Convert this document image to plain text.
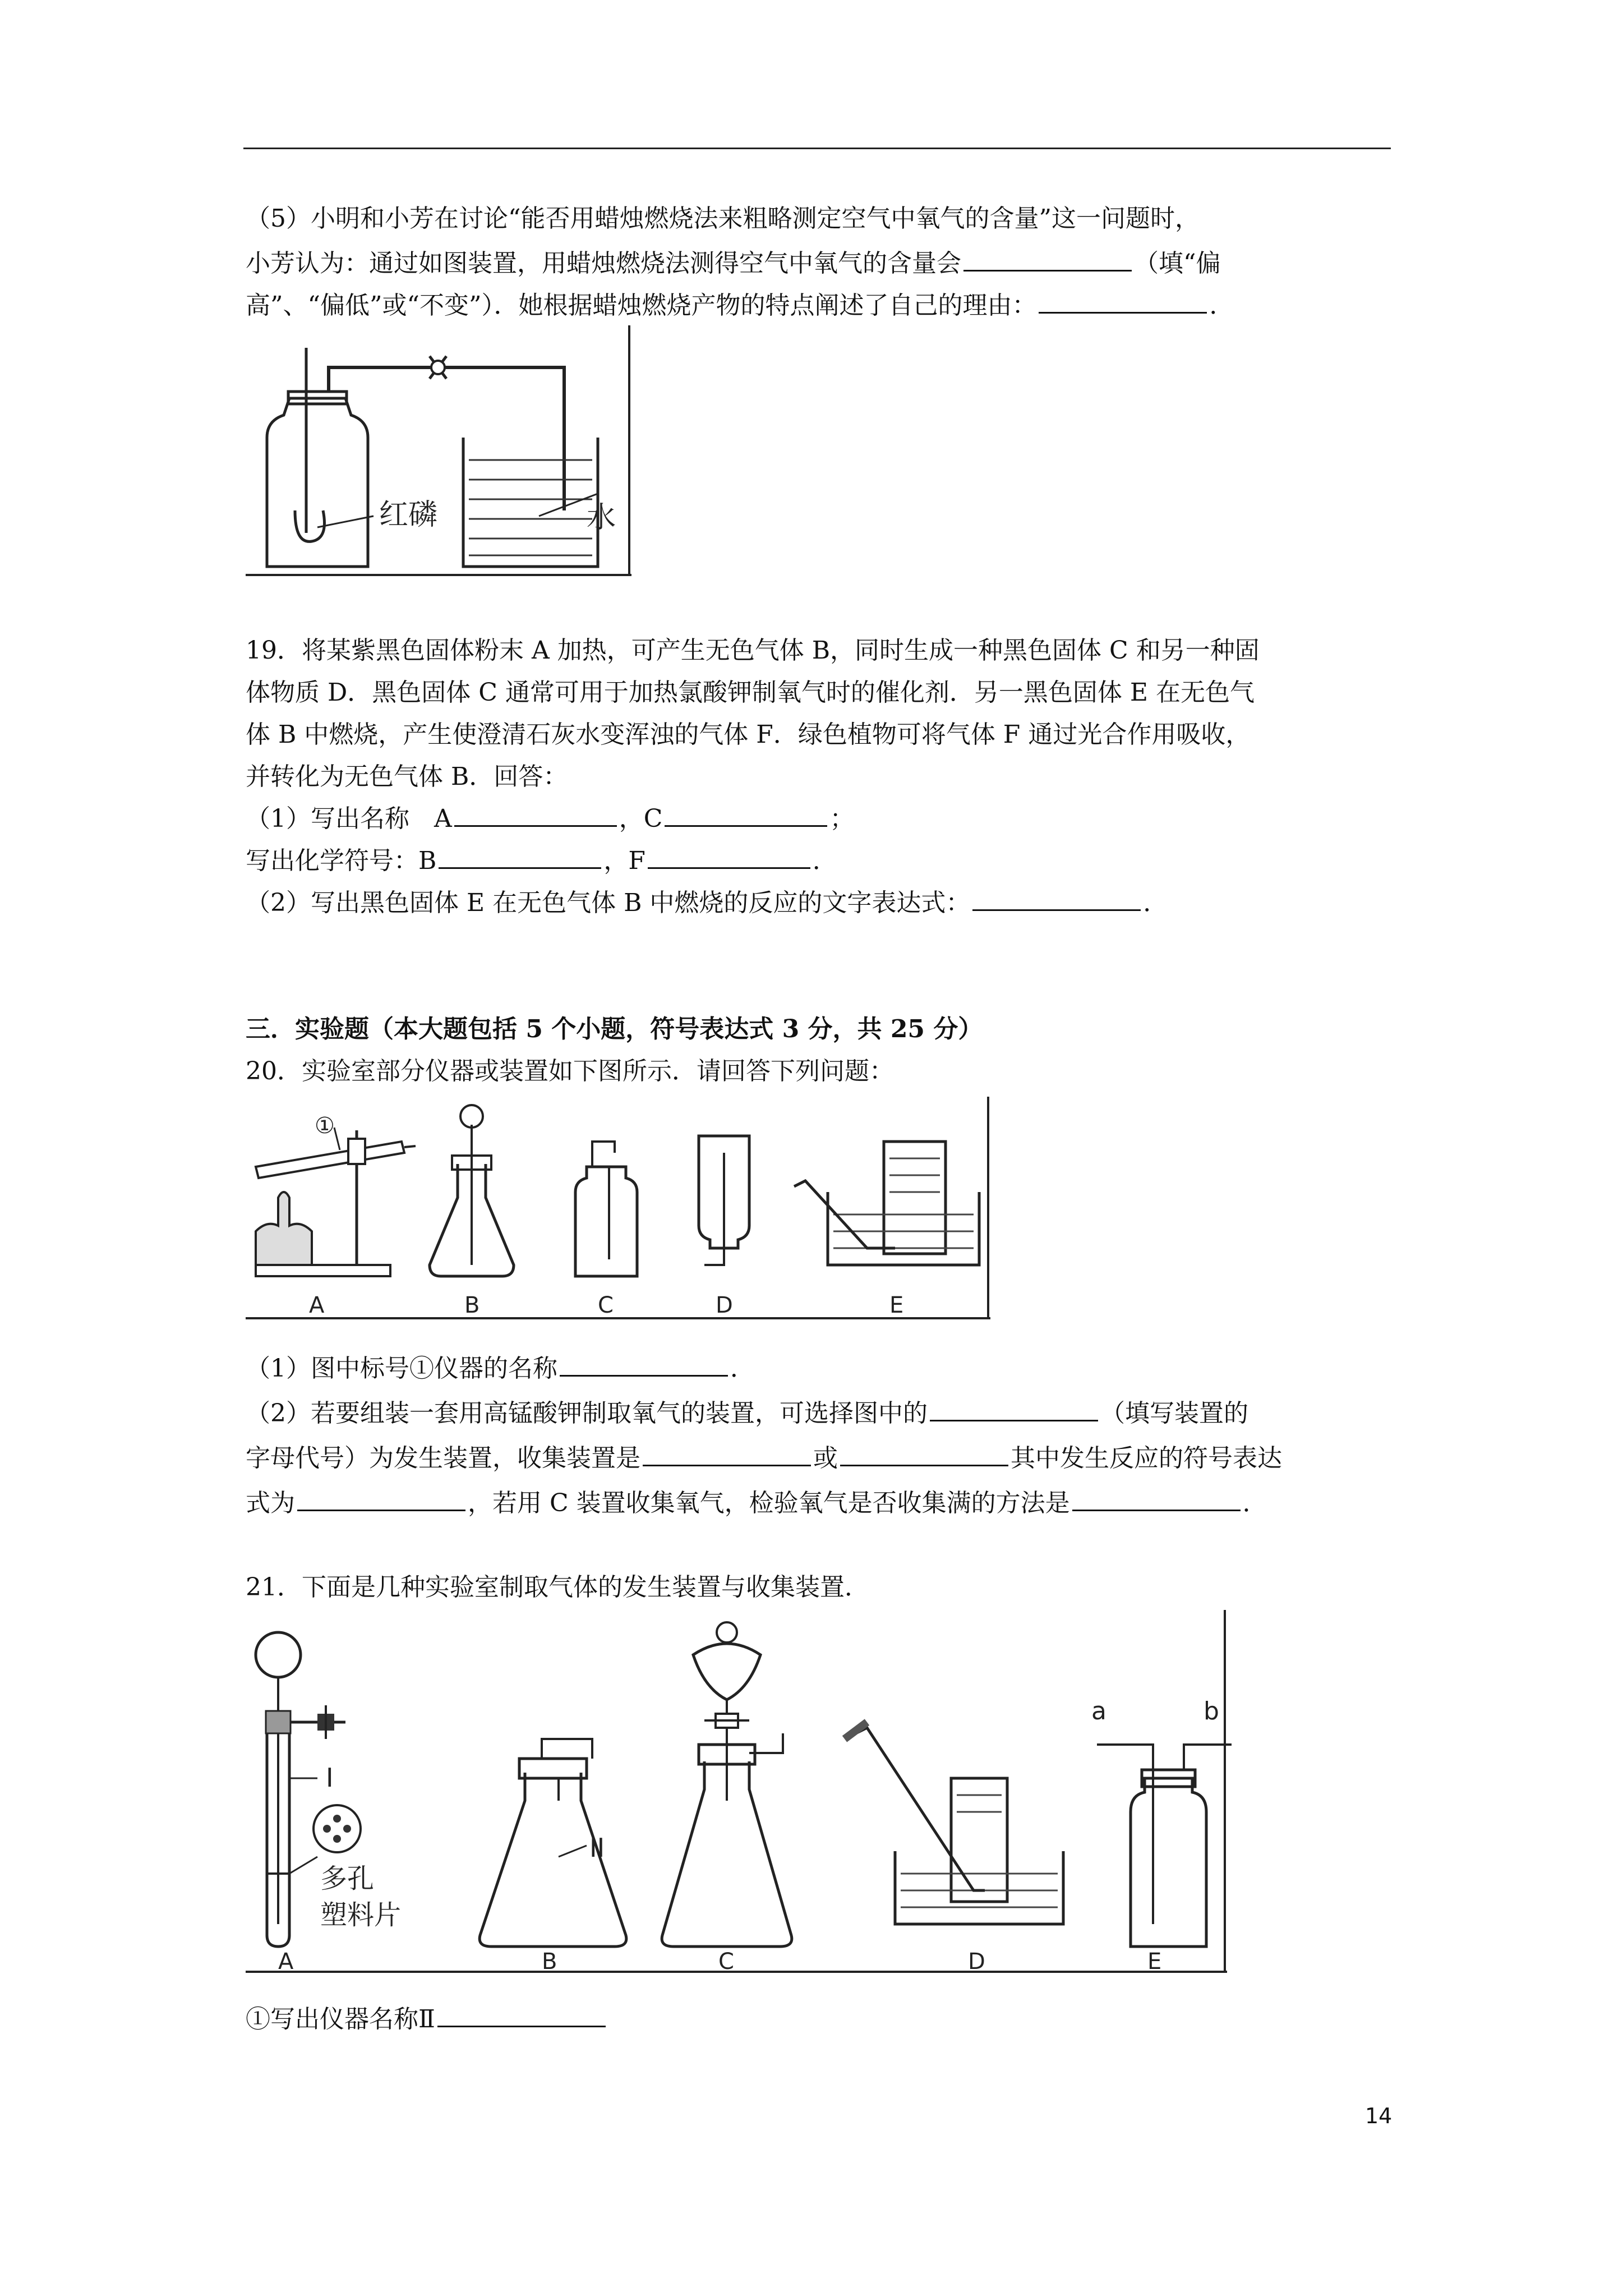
（5）小明和小芳在讨论“能否用蜡烛燃烧法来粗略测定空气中氧气的含量”这一问题时，
小芳认为：通过如图装置，用蜡烛燃烧法测得空气中氧气的含量会	（填“偏
高”、“偏低”或“不变”）．她根据蜡烛燃烧产物的特点阐述了自己的理由：	．
红磷	水
19．将某紫黑色固体粉末 A 加热，可产生无色气体 B，同时生成一种黑色固体 C 和另一种固
体物质 D．黑色固体 C 通常可用于加热氯酸钾制氧气时的催化剂．另一黑色固体 E 在无色气
体 B 中燃烧，产生使澄清石灰水变浑浊的气体 F．绿色植物可将气体 F 通过光合作用吸收，
并转化为无色气体 B．回答：
（1）写出名称　A	，C	；
写出化学符号：B	，F	．
（2）写出黑色固体 E 在无色气体 B 中燃烧的反应的文字表达式：	．
三．实验题（本大题包括 5 个小题，符号表达式 3 分，共 25 分）
20．实验室部分仪器或装置如下图所示．请回答下列问题：
①
A	B	C	D	E
（1）图中标号①仪器的名称	．
（2）若要组装一套用高锰酸钾制取氧气的装置，可选择图中的	（填写装置的
字母代号）为发生装置，收集装置是	或	其中发生反应的符号表达
式为	，若用 C 装置收集氧气，检验氧气是否收集满的方法是	．
21．下面是几种实验室制取气体的发生装置与收集装置．
I
多孔
塑料片
A
II
B	C	D
a	b
E
①写出仪器名称Ⅱ
14
